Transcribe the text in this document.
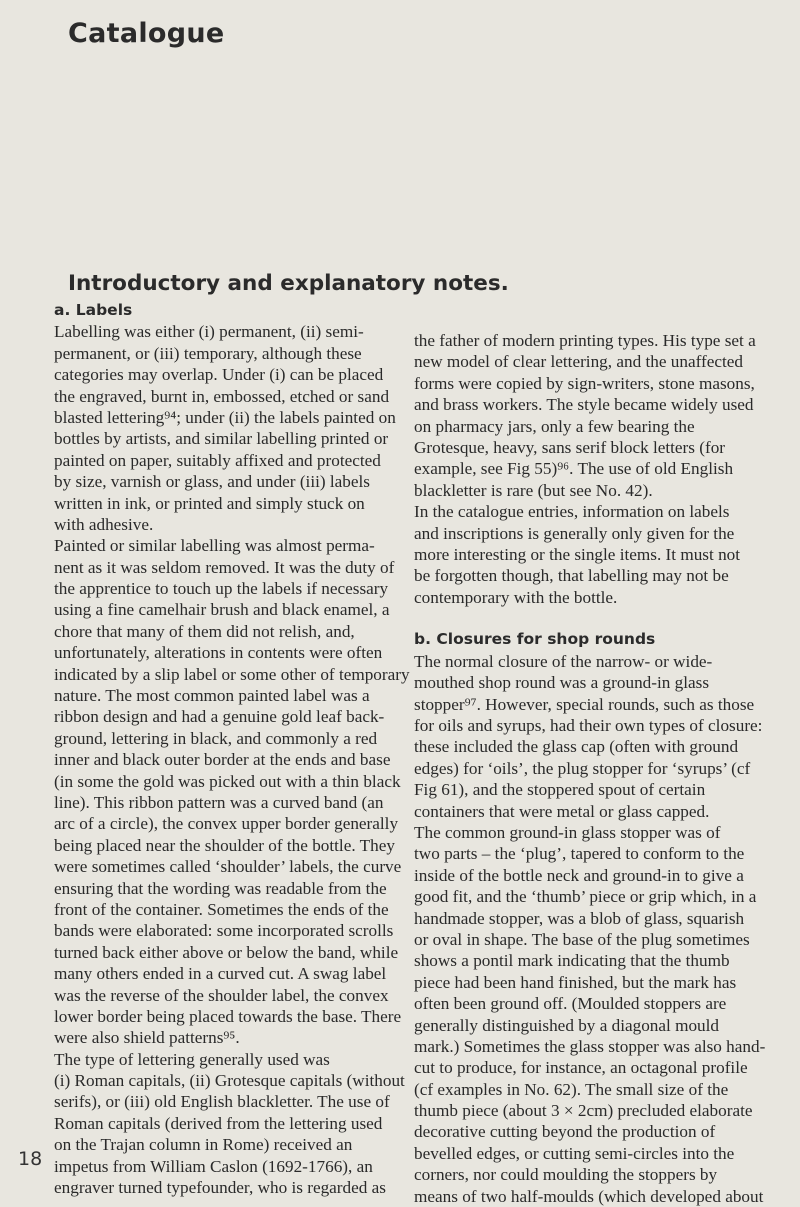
Catalogue
Introductory and explanatory notes.
a. Labels
Labelling was either (i) permanent, (ii) semi-
permanent, or (iii) temporary, although these
categories may overlap. Under (i) can be placed
the engraved, burnt in, embossed, etched or sand
blasted lettering⁹⁴; under (ii) the labels painted on
bottles by artists, and similar labelling printed or
painted on paper, suitably affixed and protected
by size, varnish or glass, and under (iii) labels
written in ink, or printed and simply stuck on
with adhesive.
Painted or similar labelling was almost perma-
nent as it was seldom removed. It was the duty of
the apprentice to touch up the labels if necessary
using a fine camelhair brush and black enamel, a
chore that many of them did not relish, and,
unfortunately, alterations in contents were often
indicated by a slip label or some other of temporary
nature. The most common painted label was a
ribbon design and had a genuine gold leaf back-
ground, lettering in black, and commonly a red
inner and black outer border at the ends and base
(in some the gold was picked out with a thin black
line). This ribbon pattern was a curved band (an
arc of a circle), the convex upper border generally
being placed near the shoulder of the bottle. They
were sometimes called ‘shoulder’ labels, the curve
ensuring that the wording was readable from the
front of the container. Sometimes the ends of the
bands were elaborated: some incorporated scrolls
turned back either above or below the band, while
many others ended in a curved cut. A swag label
was the reverse of the shoulder label, the convex
lower border being placed towards the base. There
were also shield patterns⁹⁵.
The type of lettering generally used was
(i) Roman capitals, (ii) Grotesque capitals (without
serifs), or (iii) old English blackletter. The use of
Roman capitals (derived from the lettering used
on the Trajan column in Rome) received an
impetus from William Caslon (1692-1766), an
engraver turned typefounder, who is regarded as
the father of modern printing types. His type set a
new model of clear lettering, and the unaffected
forms were copied by sign-writers, stone masons,
and brass workers. The style became widely used
on pharmacy jars, only a few bearing the
Grotesque, heavy, sans serif block letters (for
example, see Fig 55)⁹⁶. The use of old English
blackletter is rare (but see No. 42).
In the catalogue entries, information on labels
and inscriptions is generally only given for the
more interesting or the single items. It must not
be forgotten though, that labelling may not be
contemporary with the bottle.
b. Closures for shop rounds
The normal closure of the narrow- or wide-
mouthed shop round was a ground-in glass
stopper⁹⁷. However, special rounds, such as those
for oils and syrups, had their own types of closure:
these included the glass cap (often with ground
edges) for ‘oils’, the plug stopper for ‘syrups’ (cf
Fig 61), and the stoppered spout of certain
containers that were metal or glass capped.
The common ground-in glass stopper was of
two parts – the ‘plug’, tapered to conform to the
inside of the bottle neck and ground-in to give a
good fit, and the ‘thumb’ piece or grip which, in a
handmade stopper, was a blob of glass, squarish
or oval in shape. The base of the plug sometimes
shows a pontil mark indicating that the thumb
piece had been hand finished, but the mark has
often been ground off. (Moulded stoppers are
generally distinguished by a diagonal mould
mark.) Sometimes the glass stopper was also hand-
cut to produce, for instance, an octagonal profile
(cf examples in No. 62). The small size of the
thumb piece (about 3 × 2cm) precluded elaborate
decorative cutting beyond the production of
bevelled edges, or cutting semi-circles into the
corners, nor could moulding the stoppers by
means of two half-moulds (which developed about
18
